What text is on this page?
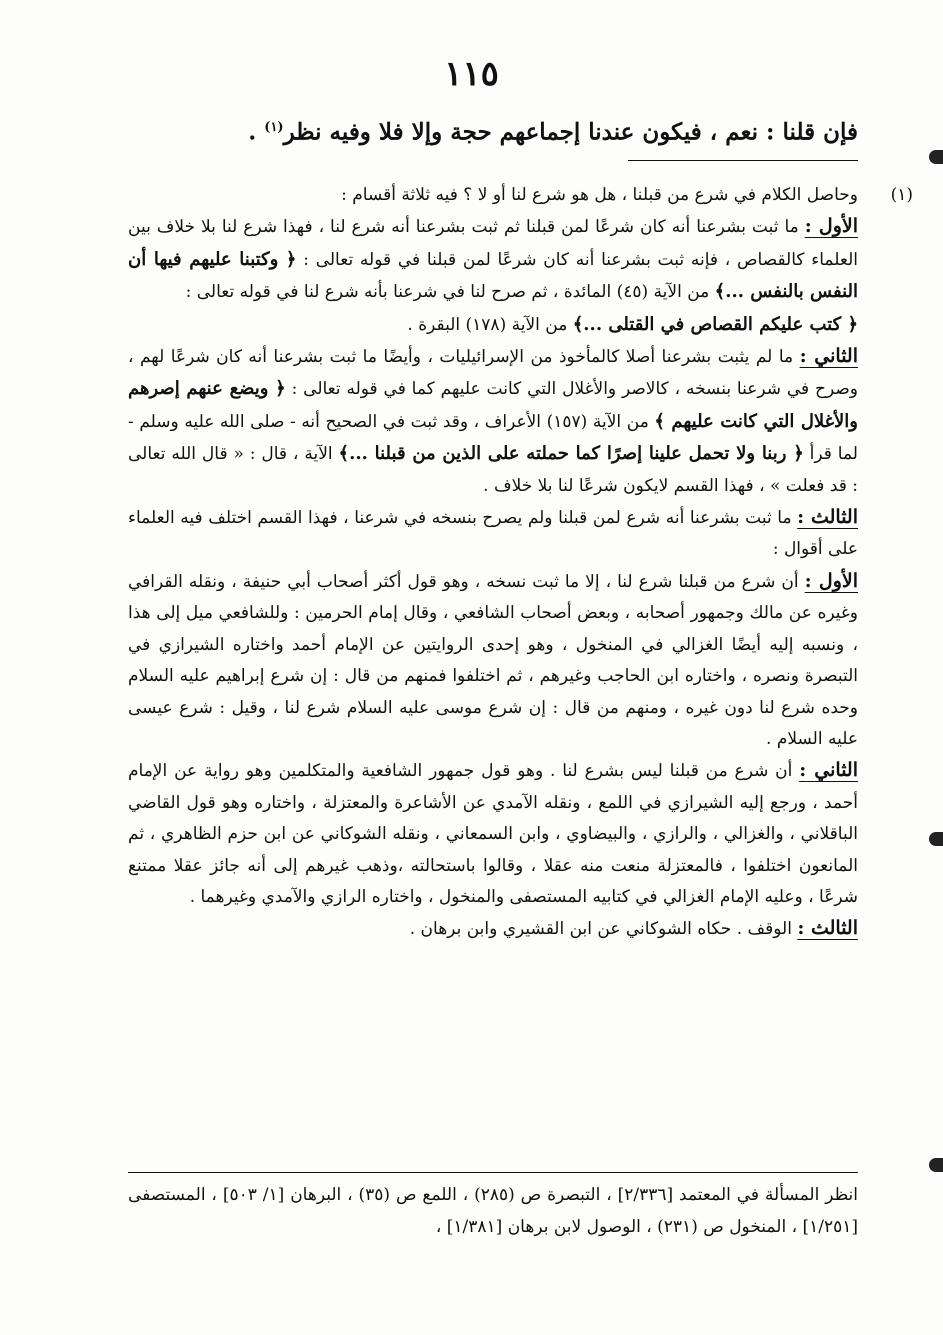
١١٥
فإن قلنا : نعم ، فيكون عندنا إجماعهم حجة وإلا فلا وفيه نظر$^{(١)}$ .
(١)

وحاصل الكلام في شرع من قبلنا ، هل هو شرع لنا أو لا ؟ فيه ثلاثة أقسام :

الأول : ما ثبت بشرعنا أنه كان شرعًا لمن قبلنا ثم ثبت بشرعنا أنه شرع لنا ، فهذا شرع لنا بلا خلاف بين العلماء كالقصاص ، فإنه ثبت بشرعنا أنه كان شرعًا لمن قبلنا في قوله تعالى : ﴿ وكتبنا عليهم فيها أن النفس بالنفس ...﴾ من الآية (٤٥) المائدة ، ثم صرح لنا في شرعنا بأنه شرع لنا في قوله تعالى :
﴿ كتب عليكم القصاص في القتلى ...﴾ من الآية (١٧٨) البقرة .

الثاني : ما لم يثبت بشرعنا أصلا كالمأخوذ من الإسرائيليات ، وأيضًا ما ثبت بشرعنا أنه كان شرعًا لهم ، وصرح في شرعنا بنسخه ، كالاصر والأغلال التي كانت عليهم كما في قوله تعالى : ﴿ ويضع عنهم إصرهم والأغلال التي كانت عليهم ﴾ من الآية (١٥٧) الأعراف ، وقد ثبت في الصحيح أنه - صلى الله عليه وسلم - لما قرأ ﴿ ربنا ولا تحمل علينا إصرًا كما حملته على الذين من قبلنا ...﴾ الآية ، قال : « قال الله تعالى : قد فعلت » ، فهذا القسم لايكون شرعًا لنا بلا خلاف .

الثالث : ما ثبت بشرعنا أنه شرع لمن قبلنا ولم يصرح بنسخه في شرعنا ، فهذا القسم اختلف فيه العلماء على أقوال :

الأول : أن شرع من قبلنا شرع لنا ، إلا ما ثبت نسخه ، وهو قول أكثر أصحاب أبي حنيفة ، ونقله القرافي وغيره عن مالك وجمهور أصحابه ، وبعض أصحاب الشافعي ، وقال إمام الحرمين : وللشافعي ميل إلى هذا ، ونسبه إليه أيضًا الغزالي في المنخول ، وهو إحدى الروايتين عن الإمام أحمد واختاره الشيرازي في التبصرة ونصره ، واختاره ابن الحاجب وغيرهم ، ثم اختلفوا فمنهم من قال : إن شرع إبراهيم عليه السلام وحده شرع لنا دون غيره ، ومنهم من قال : إن شرع موسى عليه السلام شرع لنا ، وقيل : شرع عيسى عليه السلام .

الثاني : أن شرع من قبلنا ليس بشرع لنا . وهو قول جمهور الشافعية والمتكلمين وهو رواية عن الإمام أحمد ، ورجع إليه الشيرازي في اللمع ، ونقله الآمدي عن الأشاعرة والمعتزلة ، واختاره وهو قول القاضي الباقلاني ، والغزالي ، والرازي ، والبيضاوي ، وابن السمعاني ، ونقله الشوكاني عن ابن حزم الظاهري ، ثم المانعون اختلفوا ، فالمعتزلة منعت منه عقلا ، وقالوا باستحالته ،وذهب غيرهم إلى أنه جائز عقلا ممتنع شرعًا ، وعليه الإمام الغزالي في كتابيه المستصفى والمنخول ، واختاره الرازي والآمدي وغيرهما .

الثالث : الوقف . حكاه الشوكاني عن ابن القشيري وابن برهان .

انظر المسألة في المعتمد [٢/٣٣٦] ، التبصرة ص (٢٨٥) ، اللمع ص (٣٥) ، البرهان [١/ ٥٠٣] ، المستصفى [١/٢٥١] ، المنخول ص (٢٣١) ، الوصول لابن برهان [١/٣٨١] ،
